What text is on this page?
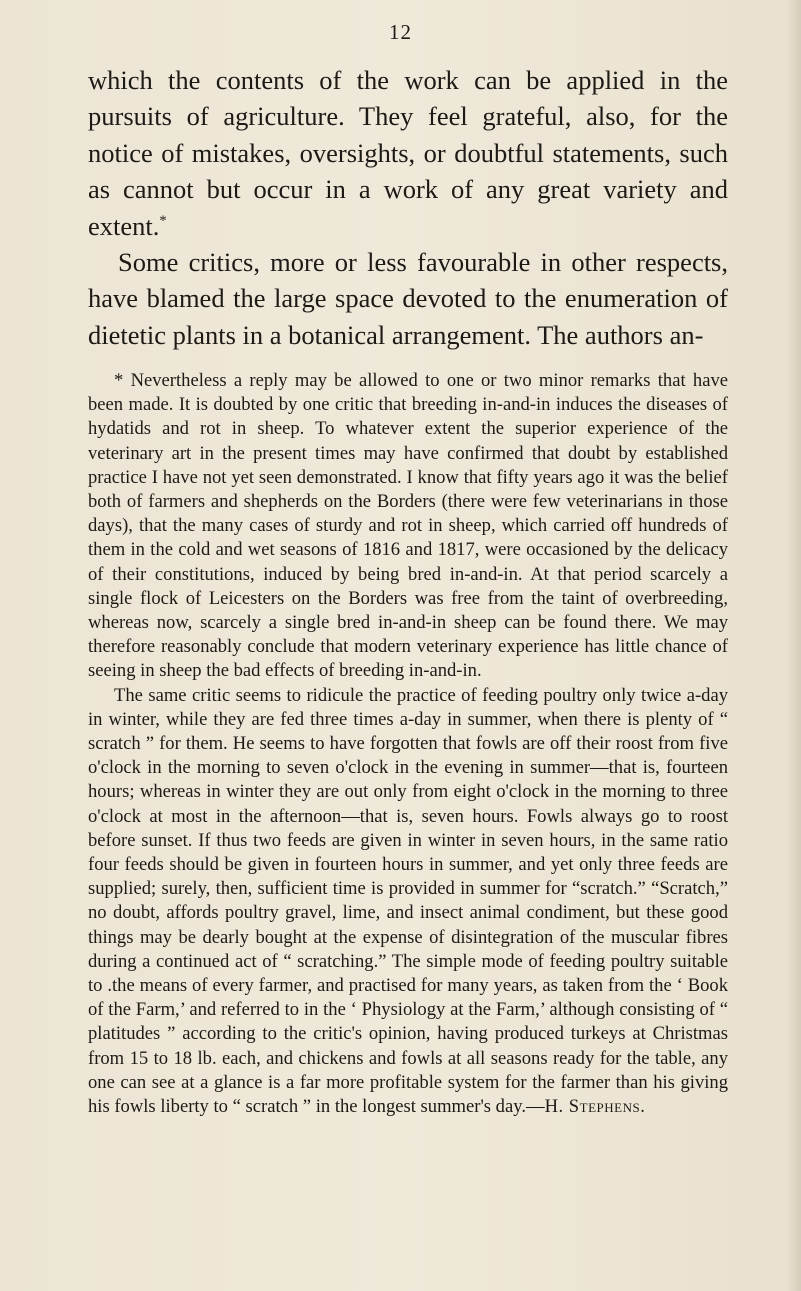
12

which the contents of the work can be applied in the pursuits of agriculture. They feel grateful, also, for the notice of mistakes, oversights, or doubtful statements, such as cannot but occur in a work of any great variety and extent.*

Some critics, more or less favourable in other respects, have blamed the large space devoted to the enumeration of dietetic plants in a botanical arrangement. The authors an-

* Nevertheless a reply may be allowed to one or two minor remarks that have been made. It is doubted by one critic that breeding in-and-in induces the diseases of hydatids and rot in sheep. To whatever extent the superior experience of the veterinary art in the present times may have confirmed that doubt by established practice I have not yet seen demonstrated. I know that fifty years ago it was the belief both of farmers and shepherds on the Borders (there were few veterinarians in those days), that the many cases of sturdy and rot in sheep, which carried off hundreds of them in the cold and wet seasons of 1816 and 1817, were occasioned by the delicacy of their constitutions, induced by being bred in-and-in. At that period scarcely a single flock of Leicesters on the Borders was free from the taint of overbreeding, whereas now, scarcely a single bred in-and-in sheep can be found there. We may therefore reasonably conclude that modern veterinary experience has little chance of seeing in sheep the bad effects of breeding in-and-in.

The same critic seems to ridicule the practice of feeding poultry only twice a-day in winter, while they are fed three times a-day in summer, when there is plenty of “ scratch ” for them. He seems to have forgotten that fowls are off their roost from five o'clock in the morning to seven o'clock in the evening in summer—that is, fourteen hours; whereas in winter they are out only from eight o'clock in the morning to three o'clock at most in the afternoon—that is, seven hours. Fowls always go to roost before sunset. If thus two feeds are given in winter in seven hours, in the same ratio four feeds should be given in fourteen hours in summer, and yet only three feeds are supplied; surely, then, sufficient time is provided in summer for “scratch.” “Scratch,” no doubt, affords poultry gravel, lime, and insect animal condiment, but these good things may be dearly bought at the expense of disintegration of the muscular fibres during a continued act of “ scratching.” The simple mode of feeding poultry suitable to .the means of every farmer, and practised for many years, as taken from the ‘ Book of the Farm,’ and referred to in the ‘ Physiology at the Farm,’ although consisting of “ platitudes ” according to the critic's opinion, having produced turkeys at Christmas from 15 to 18 lb. each, and chickens and fowls at all seasons ready for the table, any one can see at a glance is a far more profitable system for the farmer than his giving his fowls liberty to “ scratch ” in the longest summer's day.—H. Stephens.
